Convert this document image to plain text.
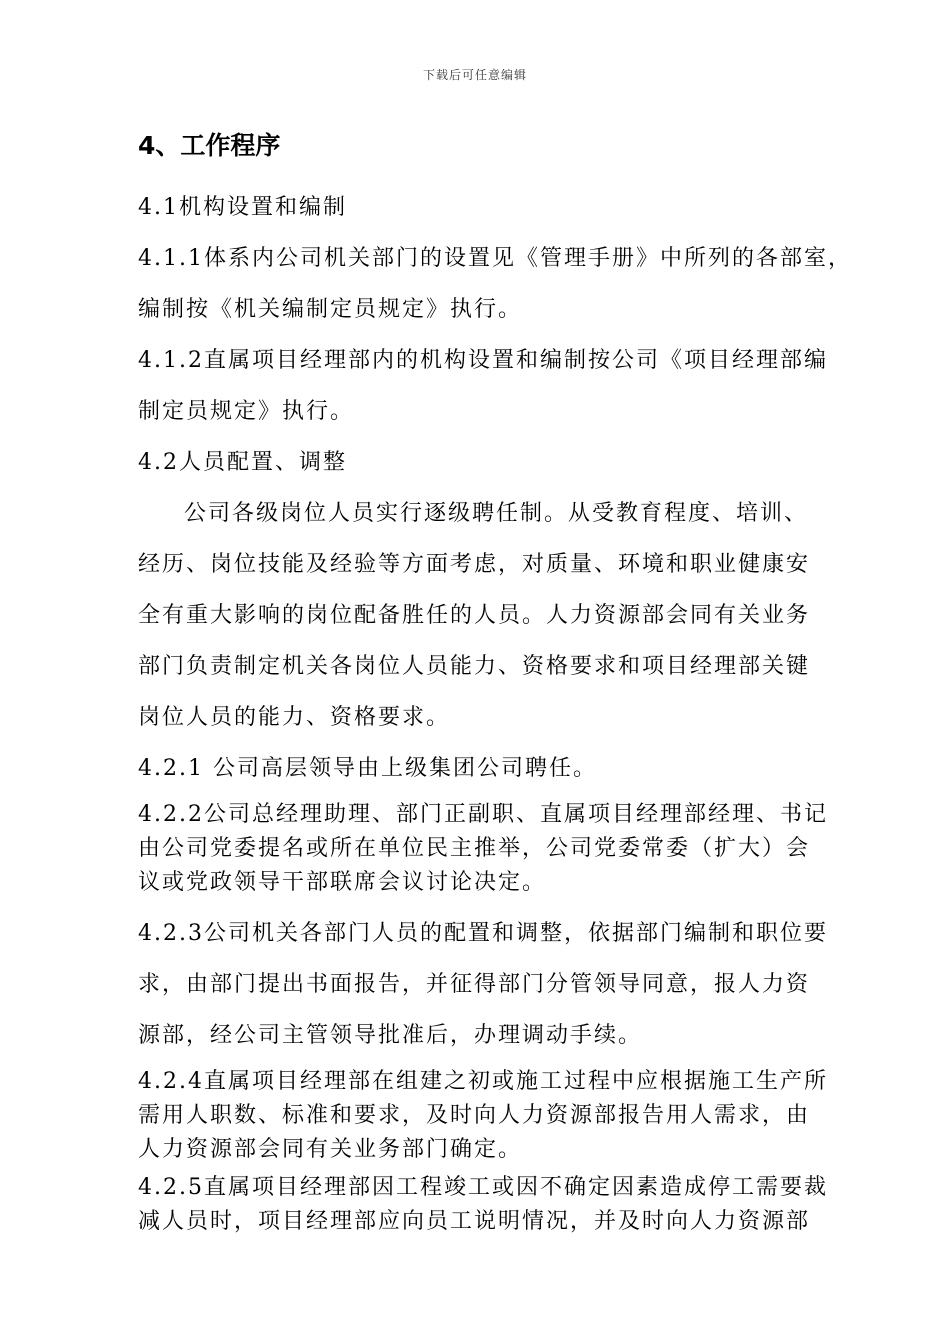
下载后可任意编辑
4、工作程序
4.1机构设置和编制
4.1.1体系内公司机关部门的设置见《管理手册》中所列的各部室，
编制按《机关编制定员规定》执行。
4.1.2直属项目经理部内的机构设置和编制按公司《项目经理部编
制定员规定》执行。
4.2人员配置、调整
公司各级岗位人员实行逐级聘任制。从受教育程度、培训、
经历、岗位技能及经验等方面考虑，对质量、环境和职业健康安
全有重大影响的岗位配备胜任的人员。人力资源部会同有关业务
部门负责制定机关各岗位人员能力、资格要求和项目经理部关键
岗位人员的能力、资格要求。
4.2.1 公司高层领导由上级集团公司聘任。
4.2.2公司总经理助理、部门正副职、直属项目经理部经理、书记
由公司党委提名或所在单位民主推举，公司党委常委（扩大）会
议或党政领导干部联席会议讨论决定。
4.2.3公司机关各部门人员的配置和调整，依据部门编制和职位要
求，由部门提出书面报告，并征得部门分管领导同意，报人力资
源部，经公司主管领导批准后，办理调动手续。
4.2.4直属项目经理部在组建之初或施工过程中应根据施工生产所
需用人职数、标准和要求，及时向人力资源部报告用人需求，由
人力资源部会同有关业务部门确定。
4.2.5直属项目经理部因工程竣工或因不确定因素造成停工需要裁
减人员时，项目经理部应向员工说明情况，并及时向人力资源部
